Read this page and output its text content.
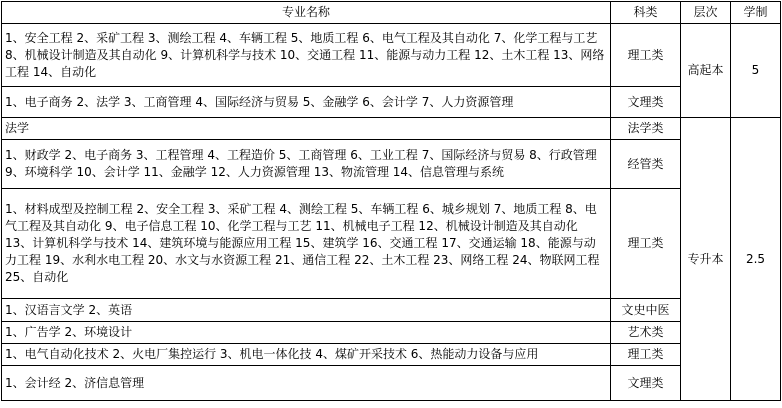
专业名称	科类	层次	学制	
1、安全工程 2、采矿工程 3、测绘工程 4、车辆工程 5、地质工程 6、电气工程及其自动化 7、化学工程与工艺 8、机械设计制造及其自动化 9、计算机科学与技术 10、交通工程 11、能源与动力工程 12、土木工程 13、网络工程 14、自动化	理工类	高起本	5	
1、电子商务 2、法学 3、工商管理 4、国际经济与贸易 5、金融学 6、会计学 7、人力资源管理	文理类			
法学	法学类	专升本	2.5	
1、财政学 2、电子商务 3、工程管理 4、工程造价 5、工商管理 6、工业工程 7、国际经济与贸易 8、行政管理 9、环境科学 10、会计学 11、金融学 12、人力资源管理 13、物流管理 14、信息管理与系统	经管类			
1、材料成型及控制工程 2、安全工程 3、采矿工程 4、测绘工程 5、车辆工程 6、城乡规划 7、地质工程 8、电气工程及其自动化 9、电子信息工程 10、化学工程与工艺 11、机械电子工程 12、机械设计制造及其自动化 13、计算机科学与技术 14、建筑环境与能源应用工程 15、建筑学 16、交通工程 17、交通运输 18、能源与动力工程 19、水利水电工程 20、水文与水资源工程 21、通信工程 22、土木工程 23、网络工程 24、物联网工程 25、自动化	理工类			
1、汉语言文学 2、英语	文史中医			
1、广告学 2、环境设计	艺术类			
1、电气自动化技术 2、火电厂集控运行 3、机电一体化技 4、煤矿开采技术 6、热能动力设备与应用	理工类			
1、会计经 2、济信息管理	文理类	
